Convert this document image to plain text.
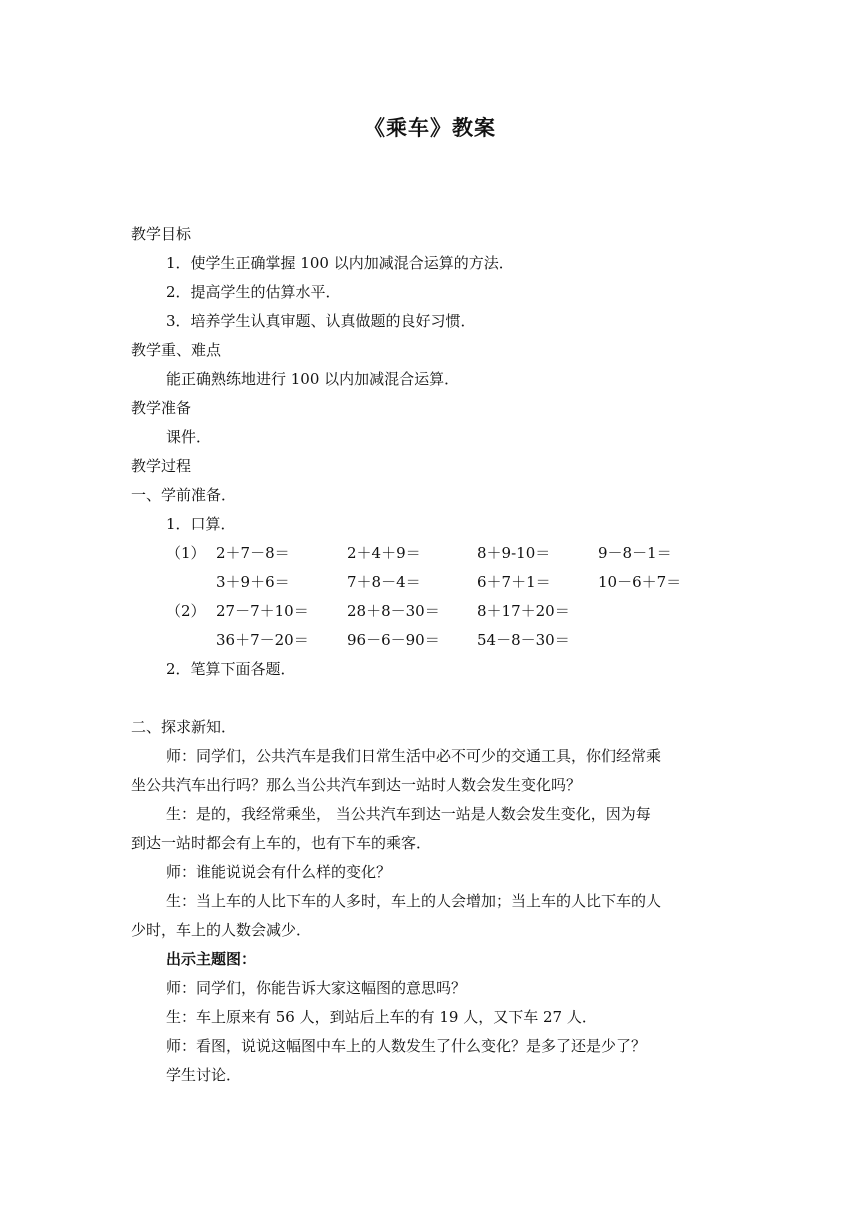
《乘车》教案
教学目标
1．使学生正确掌握 100 以内加减混合运算的方法．
2．提高学生的估算水平．
3．培养学生认真审题、认真做题的良好习惯．
教学重、难点
能正确熟练地进行 100 以内加减混合运算．
教学准备
课件．
教学过程
一、学前准备．
1．口算．
（1） 2＋7－8＝	2＋4＋9＝	8＋9-10＝	9－8－1＝
3＋9＋6＝	7＋8－4＝	6＋7＋1＝	10－6＋7＝
（2） 27－7＋10＝	28＋8－30＝ 8＋17＋20＝
36＋7－20＝	96－6－90＝ 54－8－30＝
2．笔算下面各题．
二、探求新知．
师：同学们，公共汽车是我们日常生活中必不可少的交通工具，你们经常乘
坐公共汽车出行吗？那么当公共汽车到达一站时人数会发生变化吗？
生：是的，我经常乘坐， 当公共汽车到达一站是人数会发生变化，因为每
到达一站时都会有上车的，也有下车的乘客．
师：谁能说说会有什么样的变化？
生：当上车的人比下车的人多时，车上的人会增加；当上车的人比下车的人
少时，车上的人数会减少．
出示主题图：
师：同学们，你能告诉大家这幅图的意思吗？
生：车上原来有 56 人，到站后上车的有 19 人，又下车 27 人．
师：看图，说说这幅图中车上的人数发生了什么变化？是多了还是少了？
学生讨论．
